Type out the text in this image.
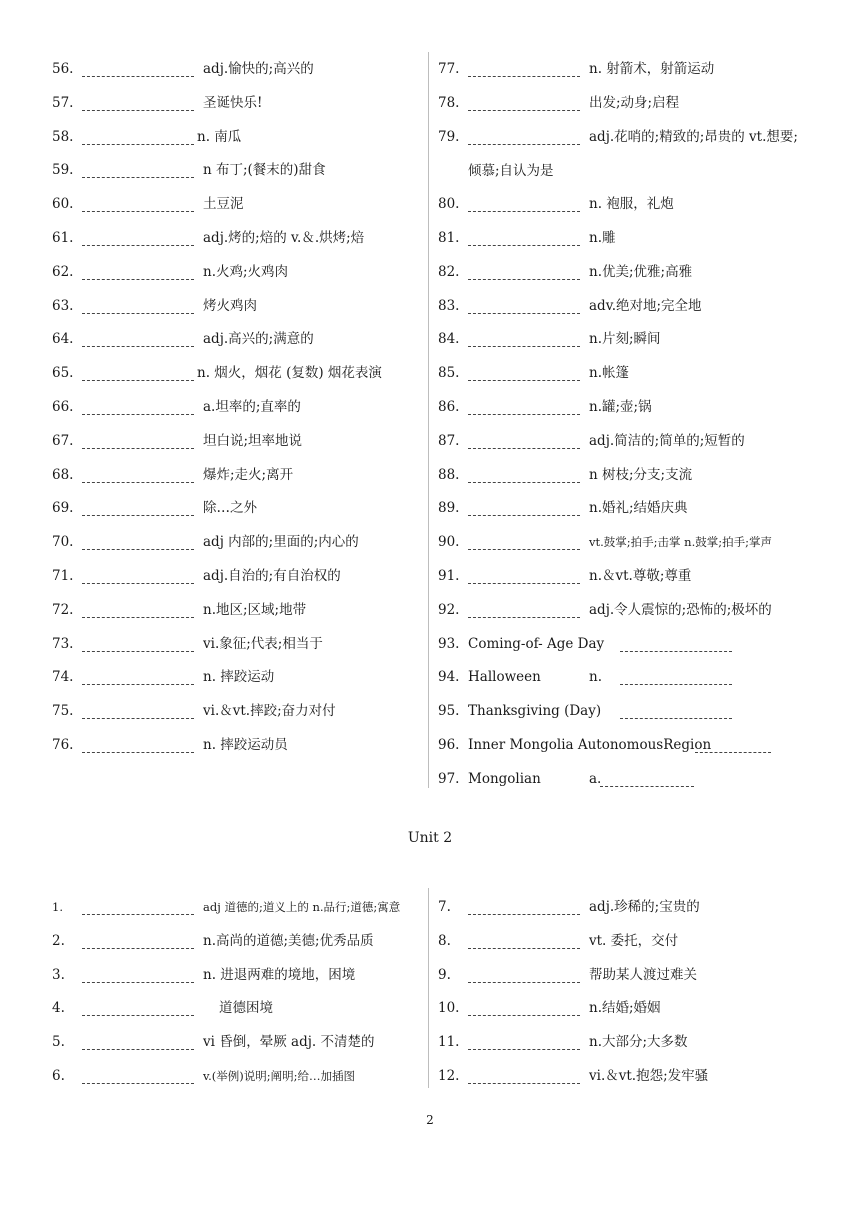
56.	adj.愉快的;高兴的
57.	圣诞快乐!
58.	n. 南瓜
59.	n 布丁;(餐末的)甜食
60.	土豆泥
61.	adj.烤的;焙的 v.＆.烘烤;焙
62.	n.火鸡;火鸡肉
63.	烤火鸡肉
64.	adj.高兴的;满意的
65.	n. 烟火，烟花 (复数) 烟花表演
66.	a.坦率的;直率的
67.	坦白说;坦率地说
68.	爆炸;走火;离开
69.	除…之外
70.	adj 内部的;里面的;内心的
71.	adj.自治的;有自治权的
72.	n.地区;区域;地带
73.	vi.象征;代表;相当于
74.	n. 摔跤运动
75.	vi.＆vt.摔跤;奋力对付
76.	n. 摔跤运动员
77.	n. 射箭术，射箭运动
78.	出发;动身;启程
79.	adj.花哨的;精致的;昂贵的 vt.想要;
倾慕;自认为是
80.	n. 袍服，礼炮
81.	n.雕
82.	n.优美;优雅;高雅
83.	adv.绝对地;完全地
84.	n.片刻;瞬间
85.	n.帐篷
86.	n.罐;壶;锅
87.	adj.简洁的;简单的;短暂的
88.	n 树枝;分支;支流
89.	n.婚礼;结婚庆典
90.	vt.鼓掌;拍手;击掌 n.鼓掌;拍手;掌声
91.	n.＆vt.尊敬;尊重
92.	adj.令人震惊的;恐怖的;极坏的
93. Coming-of- Age Day
94. Halloween	n.
95. Thanksgiving (Day)
96. Inner Mongolia AutonomousRegion
97. Mongolian	a.
Unit 2
1.	adj 道德的;道义上的 n.品行;道德;寓意
2.	n.高尚的道德;美德;优秀品质
3.	n. 进退两难的境地，困境
4.	道德困境
5.	vi 昏倒，晕厥 adj. 不清楚的
6.	v.(举例)说明;阐明;给…加插图
7.	adj.珍稀的;宝贵的
8.	vt. 委托，交付
9.	帮助某人渡过难关
10.	n.结婚;婚姻
11.	n.大部分;大多数
12.	vi.＆vt.抱怨;发牢骚
2
